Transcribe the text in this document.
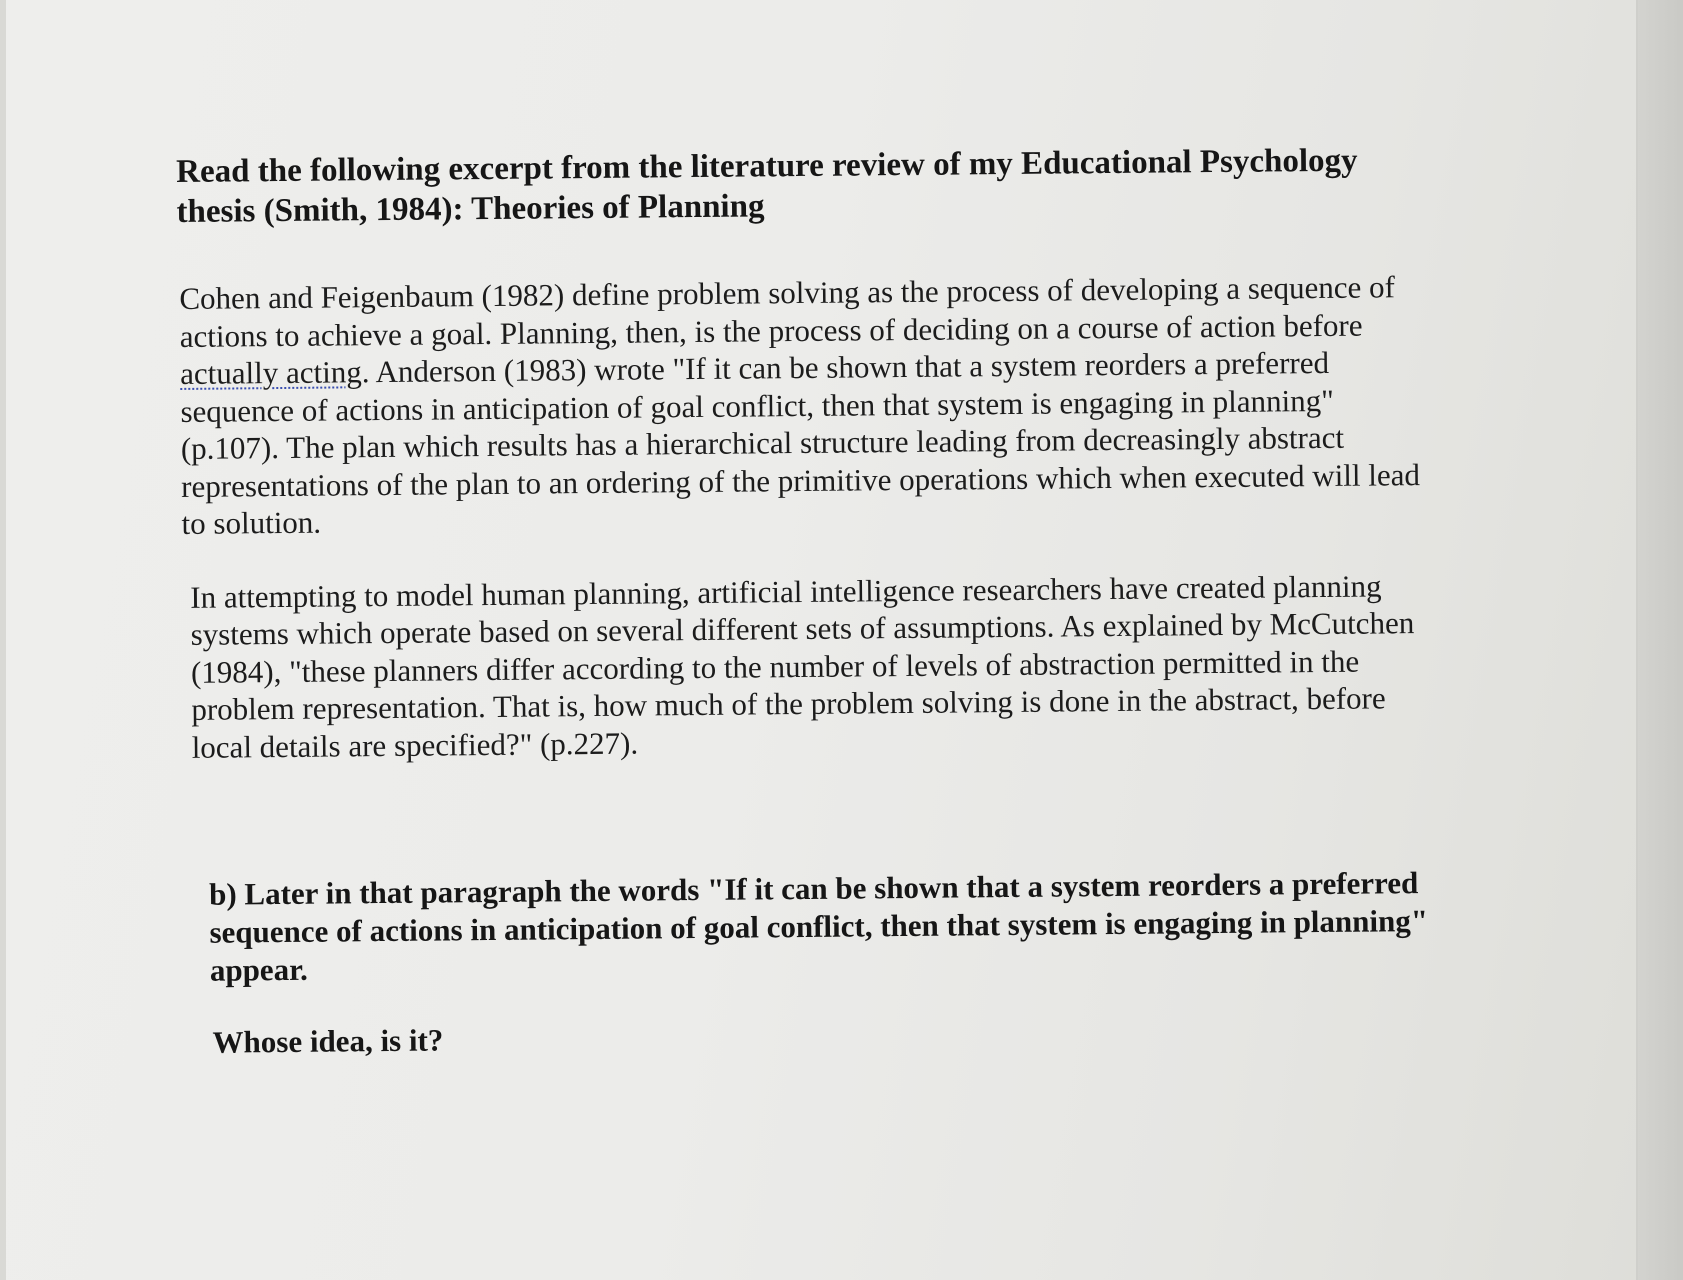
Read the following excerpt from the literature review of my Educational Psychology thesis (Smith, 1984): Theories of Planning
Cohen and Feigenbaum (1982) define problem solving as the process of developing a sequence of actions to achieve a goal. Planning, then, is the process of deciding on a course of action before actually acting. Anderson (1983) wrote "If it can be shown that a system reorders a preferred sequence of actions in anticipation of goal conflict, then that system is engaging in planning" (p.107). The plan which results has a hierarchical structure leading from decreasingly abstract representations of the plan to an ordering of the primitive operations which when executed will lead to solution.
In attempting to model human planning, artificial intelligence researchers have created planning systems which operate based on several different sets of assumptions. As explained by McCutchen (1984), "these planners differ according to the number of levels of abstraction permitted in the problem representation. That is, how much of the problem solving is done in the abstract, before local details are specified?" (p.227).
b) Later in that paragraph the words "If it can be shown that a system reorders a preferred sequence of actions in anticipation of goal conflict, then that system is engaging in planning" appear.
Whose idea, is it?
